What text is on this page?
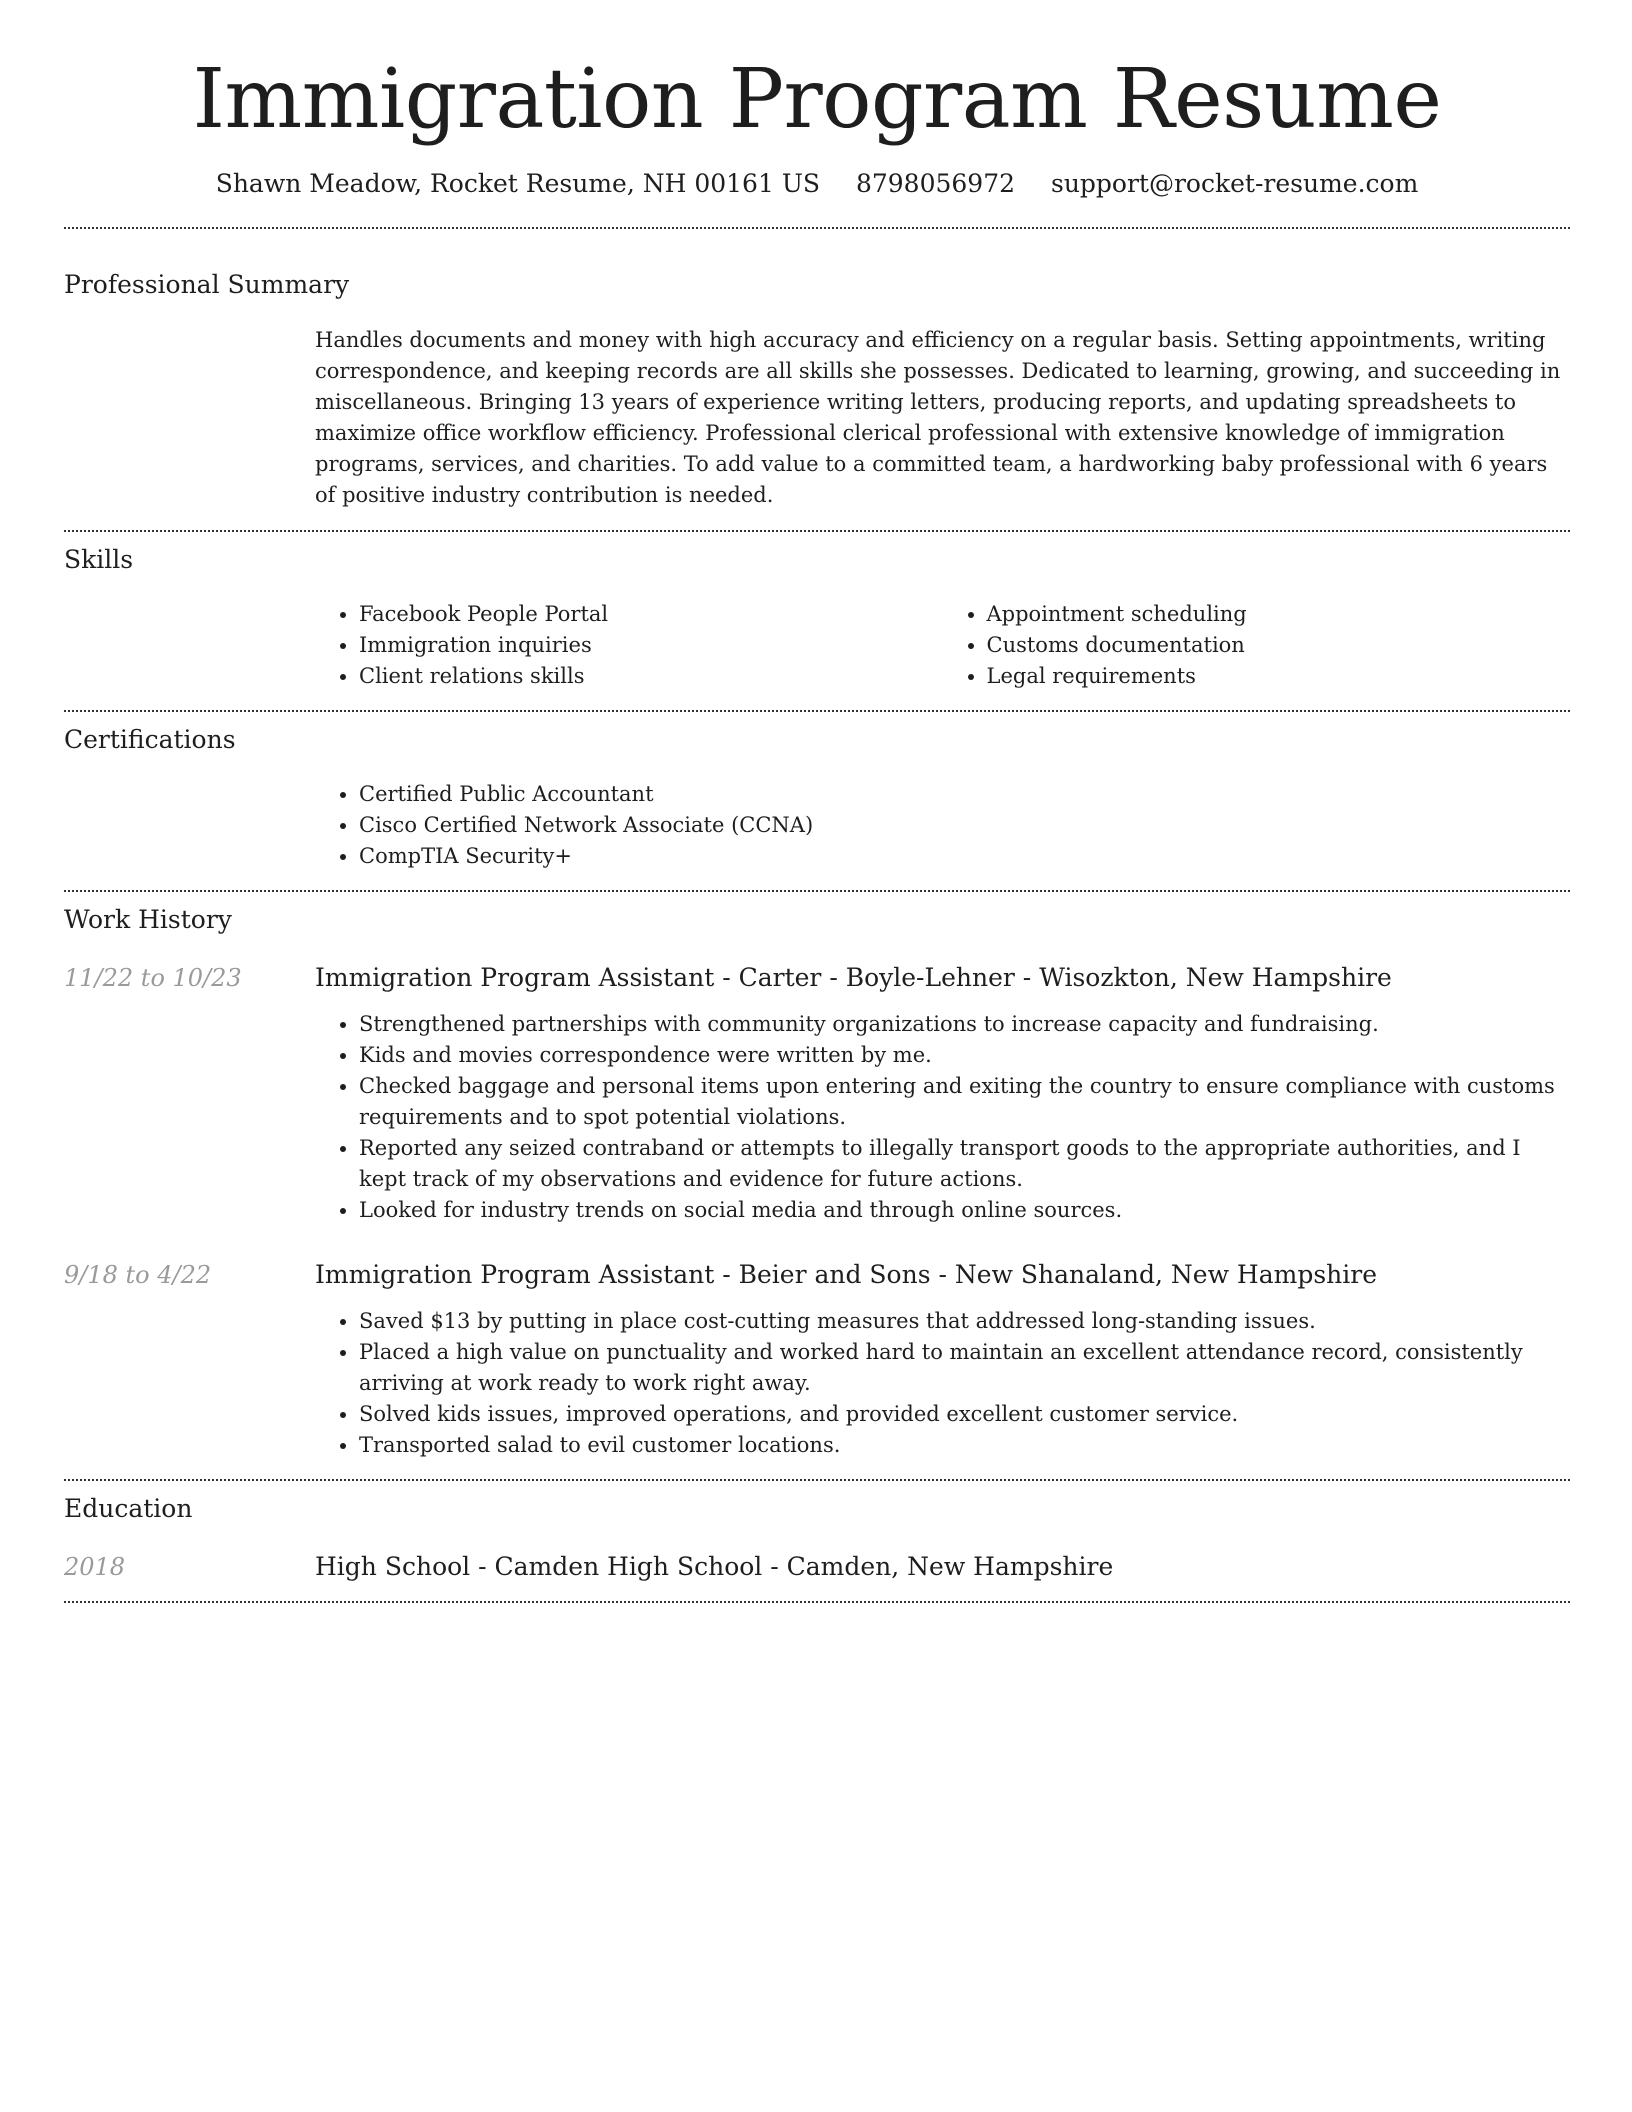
Immigration Program Resume
Shawn Meadow, Rocket Resume, NH 00161 US 8798056972 support@rocket-resume.com
Professional Summary

Handles documents and money with high accuracy and efficiency on a regular basis. Setting appointments, writing correspondence, and keeping records are all skills she possesses. Dedicated to learning, growing, and succeeding in miscellaneous. Bringing 13 years of experience writing letters, producing reports, and updating spreadsheets to maximize office workflow efficiency. Professional clerical professional with extensive knowledge of immigration programs, services, and charities. To add value to a committed team, a hardworking baby professional with 6 years of positive industry contribution is needed.

Skills
• Facebook People Portal
• Immigration inquiries
• Client relations skills
• Appointment scheduling
• Customs documentation
• Legal requirements
Certifications
• Certified Public Accountant
• Cisco Certified Network Associate (CCNA)
• CompTIA Security+
Work History
11/22 to 10/23	Immigration Program Assistant - Carter - Boyle-Lehner - Wisozkton, New Hampshire
• Strengthened partnerships with community organizations to increase capacity and fundraising.
• Kids and movies correspondence were written by me.
• Checked baggage and personal items upon entering and exiting the country to ensure compliance with customs requirements and to spot potential violations.
• Reported any seized contraband or attempts to illegally transport goods to the appropriate authorities, and I kept track of my observations and evidence for future actions.
• Looked for industry trends on social media and through online sources.
9/18 to 4/22	Immigration Program Assistant - Beier and Sons - New Shanaland, New Hampshire
• Saved $13 by putting in place cost-cutting measures that addressed long-standing issues.
• Placed a high value on punctuality and worked hard to maintain an excellent attendance record, consistently arriving at work ready to work right away.
• Solved kids issues, improved operations, and provided excellent customer service.
• Transported salad to evil customer locations.
Education
2018	High School - Camden High School - Camden, New Hampshire
